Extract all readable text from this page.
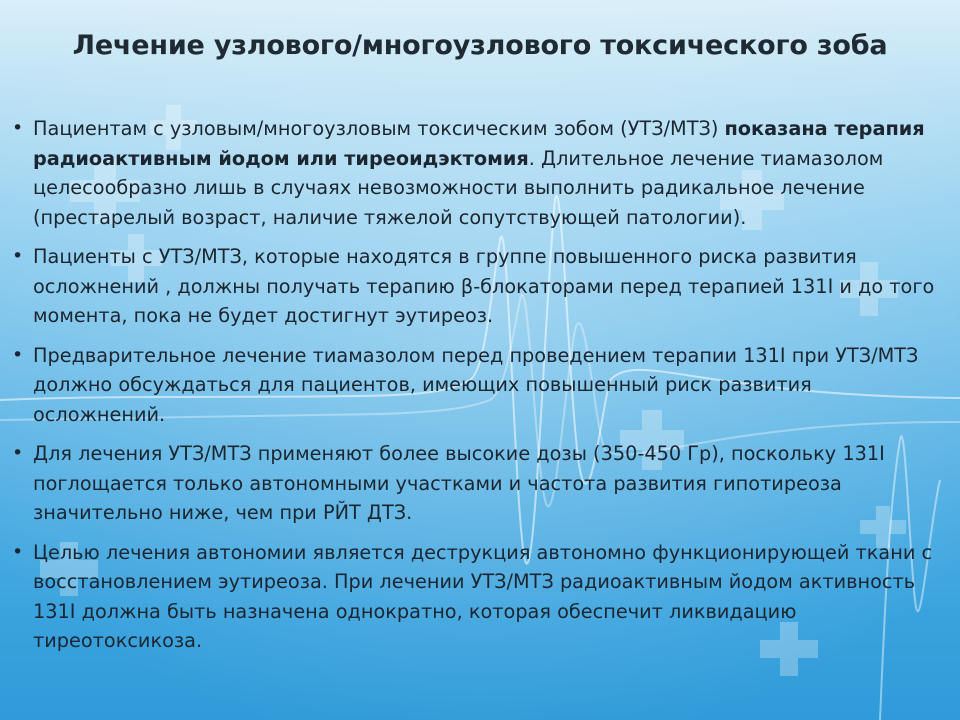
Лечение узлового/многоузлового токсического зоба
• Пациентам с узловым/многоузловым токсическим зобом (УТЗ/МТЗ) показана терапия радиоактивным йодом или тиреоидэктомия. Длительное лечение тиамазолом целесообразно лишь в случаях невозможности выполнить радикальное лечение (престарелый возраст, наличие тяжелой сопутствующей патологии).
• Пациенты с УТЗ/МТЗ, которые находятся в группе повышенного риска развития осложнений , должны получать терапию β-блокаторами перед терапией 131I и до того момента, пока не будет достигнут эутиреоз.
• Предварительное лечение тиамазолом перед проведением терапии 131I при УТЗ/МТЗ должно обсуждаться для пациентов, имеющих повышенный риск развития осложнений.
• Для лечения УТЗ/МТЗ применяют более высокие дозы (350-450 Гр), поскольку 131I поглощается только автономными участками и частота развития гипотиреоза значительно ниже, чем при РЙТ ДТЗ.
• Целью лечения автономии является деструкция автономно функционирующей ткани с восстановлением эутиреоза. При лечении УТЗ/МТЗ радиоактивным йодом активность 131I должна быть назначена однократно, которая обеспечит ликвидацию тиреотоксикоза.
